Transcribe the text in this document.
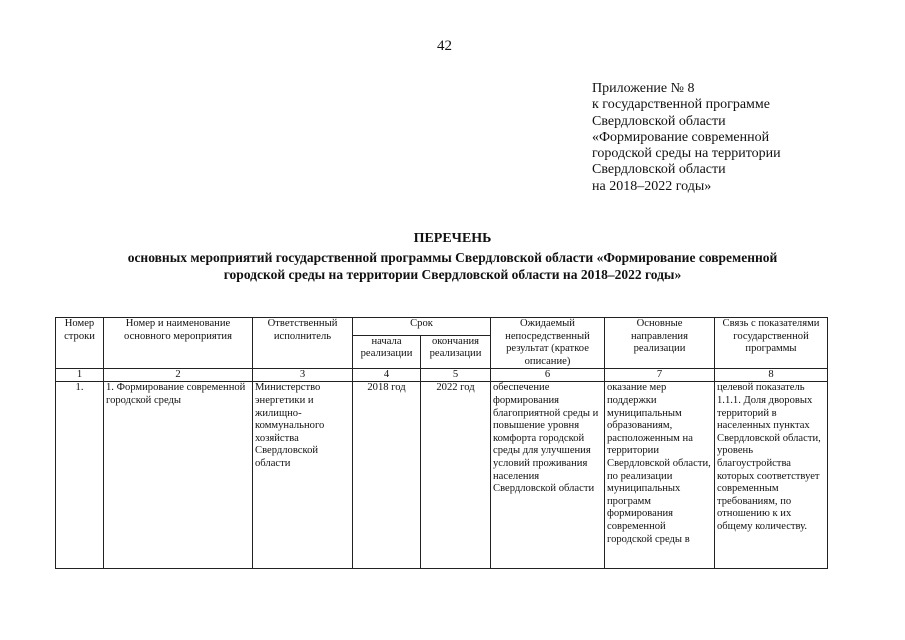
42
Приложение № 8
к государственной программе
Свердловской области
«Формирование современной
городской среды на территории
Свердловской области
на 2018–2022 годы»
ПЕРЕЧЕНЬ
основных мероприятий государственной программы Свердловской области «Формирование современной
городской среды на территории Свердловской области на 2018–2022 годы»
Номер строки	Номер и наименование основного мероприятия	Ответственный исполнитель	Срок		Ожидаемый непосредственный результат (краткое описание)	Основные направления реализации	Связь с показателями государственной программы
			начала реализации	окончания реализации			
1	2	3	4	5	6	7	8
1.	1. Формирование современной городской среды	Министерство энергетики и жилищно-коммунального хозяйства Свердловской области	2018 год	2022 год	обеспечение формирования благоприятной среды и повышение уровня комфорта городской среды для улучшения условий проживания населения Свердловской области	оказание мер поддержки муниципальным образованиям, расположенным на территории Свердловской области, по реализации муниципальных программ формирования современной городской среды в	целевой показатель 1.1.1. Доля дворовых территорий в населенных пунктах Свердловской области, уровень благоустройства которых соответствует современным требованиям, по отношению к их общему количеству.
